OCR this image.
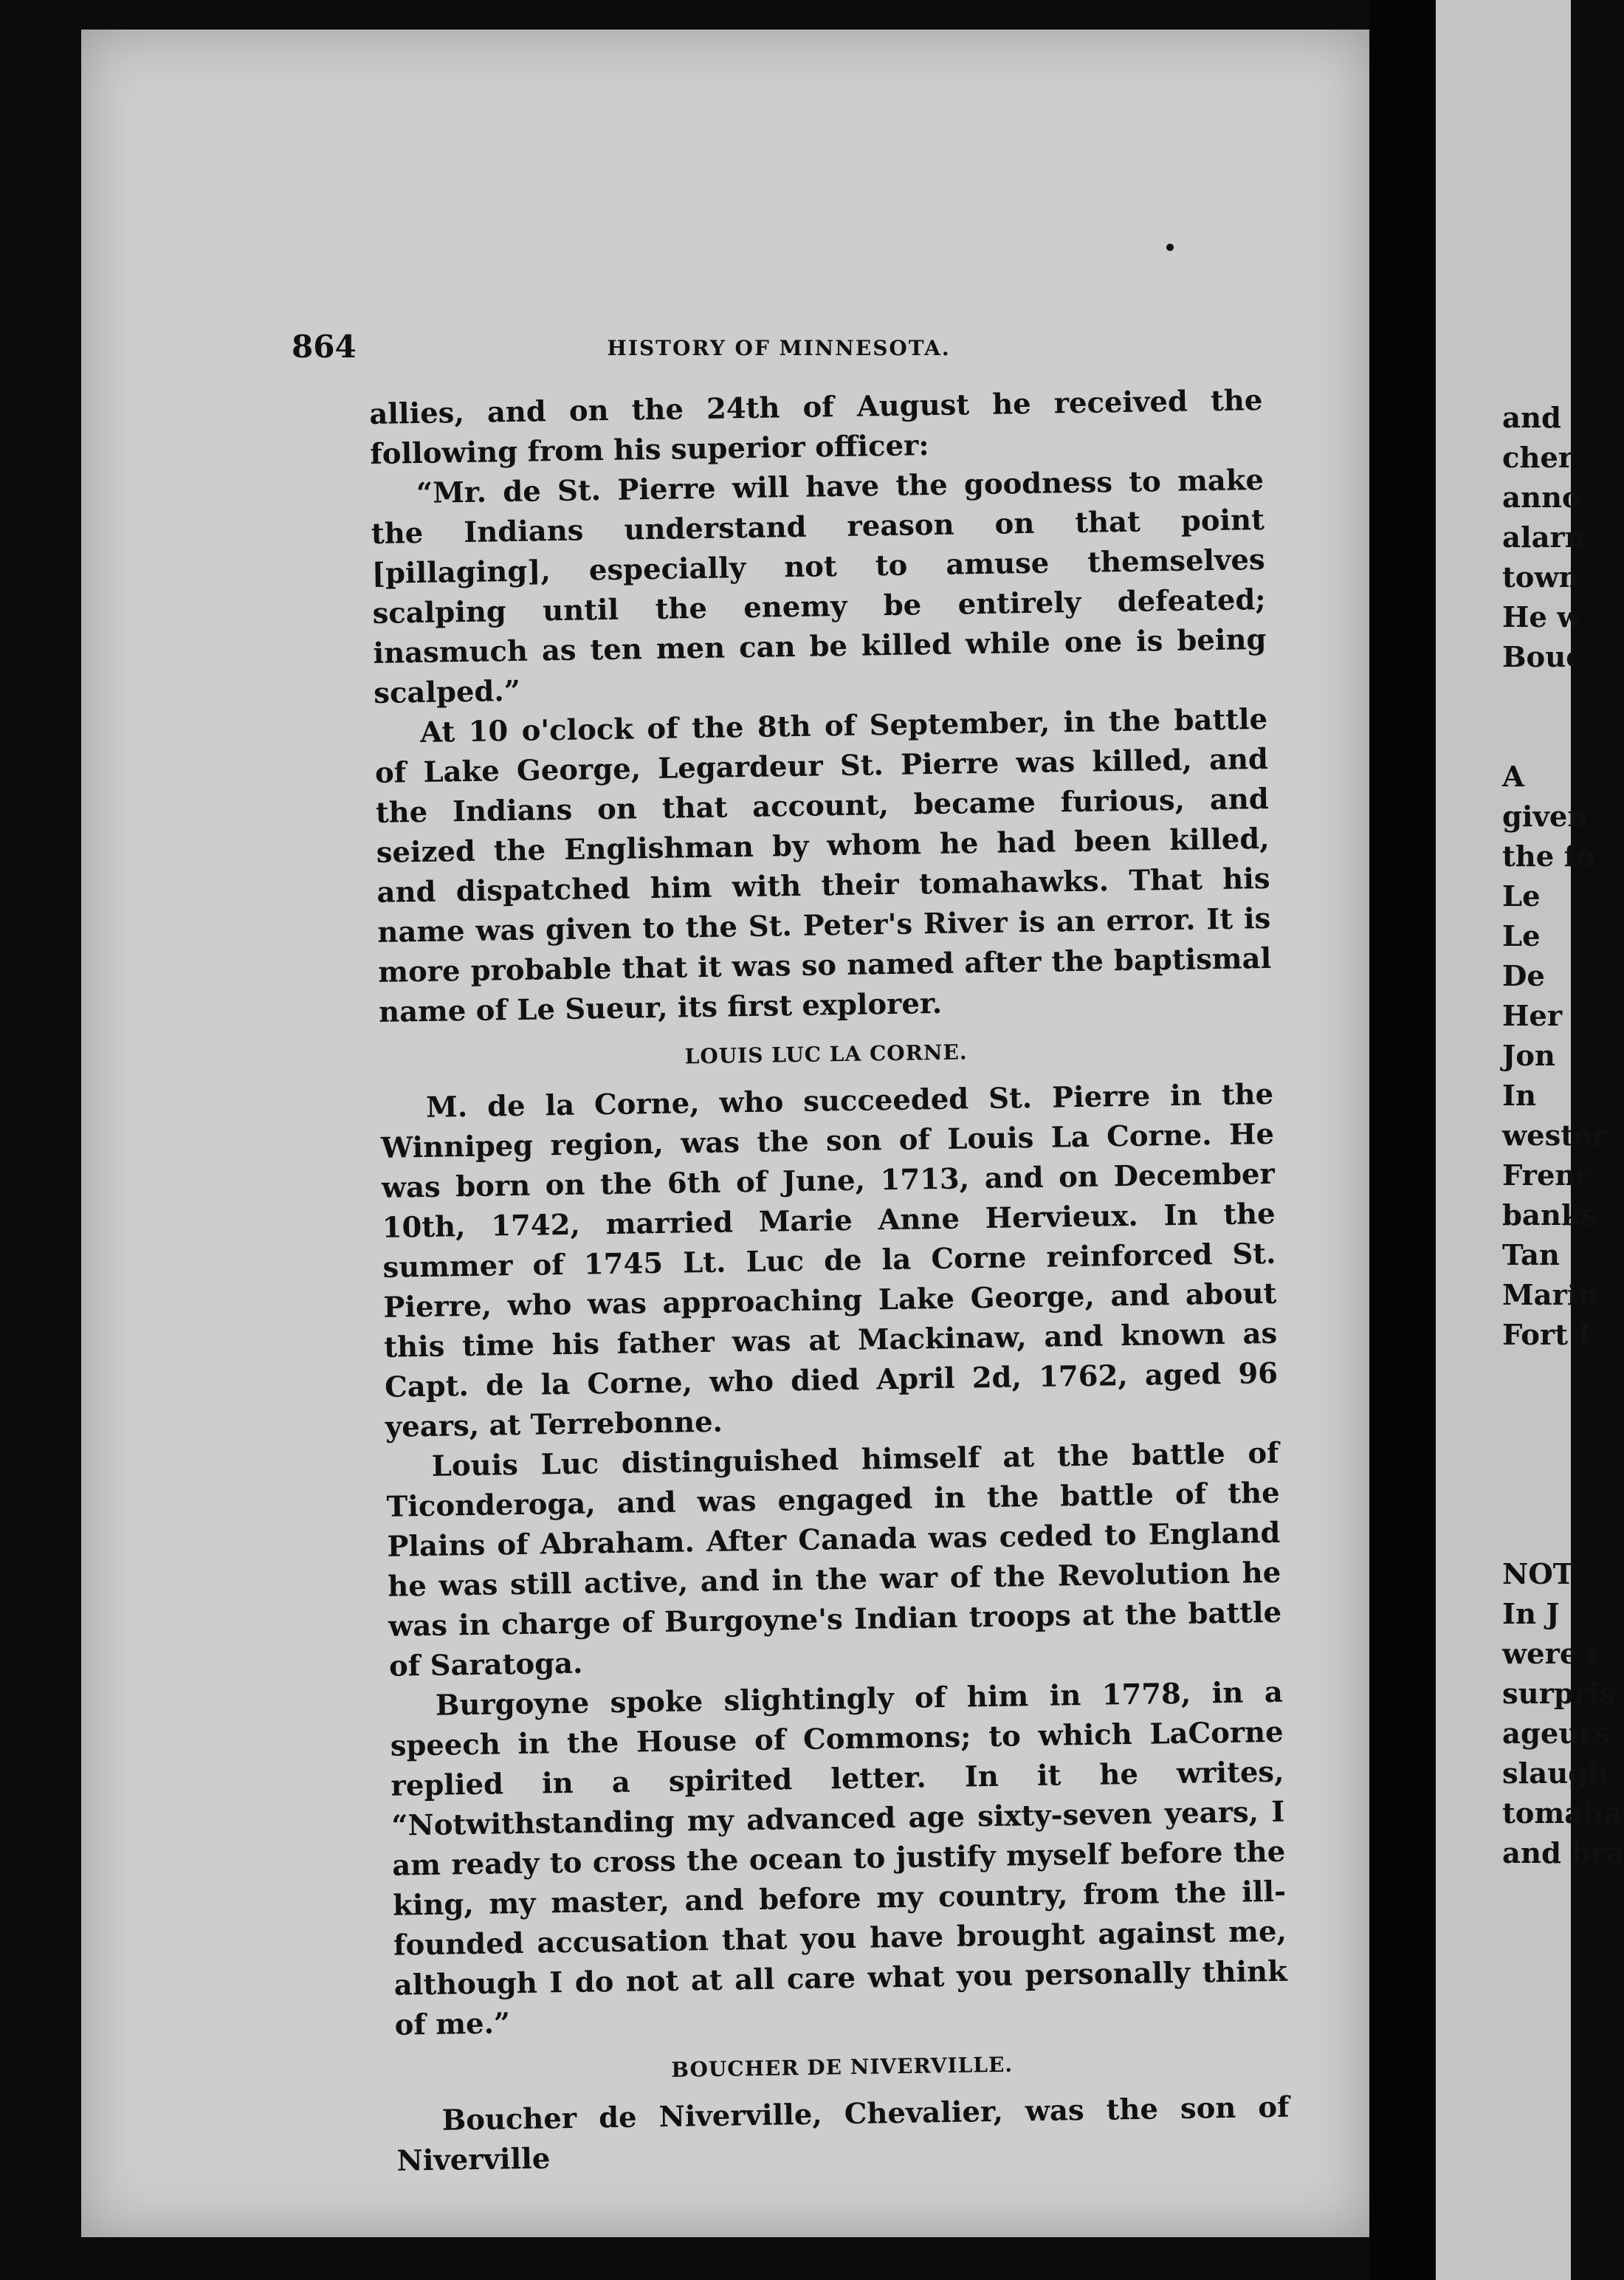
864	HISTORY OF MINNESOTA.

allies, and on the 24th of August he received the following from his superior officer:

“Mr. de St. Pierre will have the goodness to make the Indians understand reason on that point [pillaging], especially not to amuse themselves scalping until the enemy be entirely defeated; inasmuch as ten men can be killed while one is being scalped.”

At 10 o'clock of the 8th of September, in the battle of Lake George, Legardeur St. Pierre was killed, and the Indians on that account, became furious, and seized the Englishman by whom he had been killed, and dispatched him with their tomahawks. That his name was given to the St. Peter's River is an error. It is more probable that it was so named after the baptismal name of Le Sueur, its first explorer.

LOUIS LUC LA CORNE.

M. de la Corne, who succeeded St. Pierre in the Winnipeg region, was the son of Louis La Corne. He was born on the 6th of June, 1713, and on December 10th, 1742, married Marie Anne Hervieux. In the summer of 1745 Lt. Luc de la Corne reinforced St. Pierre, who was approaching Lake George, and about this time his father was at Mackinaw, and known as Capt. de la Corne, who died April 2d, 1762, aged 96 years, at Terrebonne.

Louis Luc distinguished himself at the battle of Ticonderoga, and was engaged in the battle of the Plains of Abraham. After Canada was ceded to England he was still active, and in the war of the Revolution he was in charge of Burgoyne's Indian troops at the battle of Saratoga.

Burgoyne spoke slightingly of him in 1778, in a speech in the House of Commons; to which LaCorne replied in a spirited letter. In it he writes, “Notwithstanding my advanced age sixty-seven years, I am ready to cross the ocean to justify myself before the king, my master, and before my country, from the ill-founded accusation that you have brought against me, although I do not at all care what you personally think of me.”

BOUCHER DE NIVERVILLE.

Boucher de Niverville, Chevalier, was the son of Niverville

and
cher
anno
alarn
town
He w
Bouc
A
given
the fo
Le
Le
De
Her
Jon
In
wester
Frenc
banks
Tan
Marin
Fort I
NOT
In J
were c
surpris
ageurs
slaugh
tomaha
and bra
